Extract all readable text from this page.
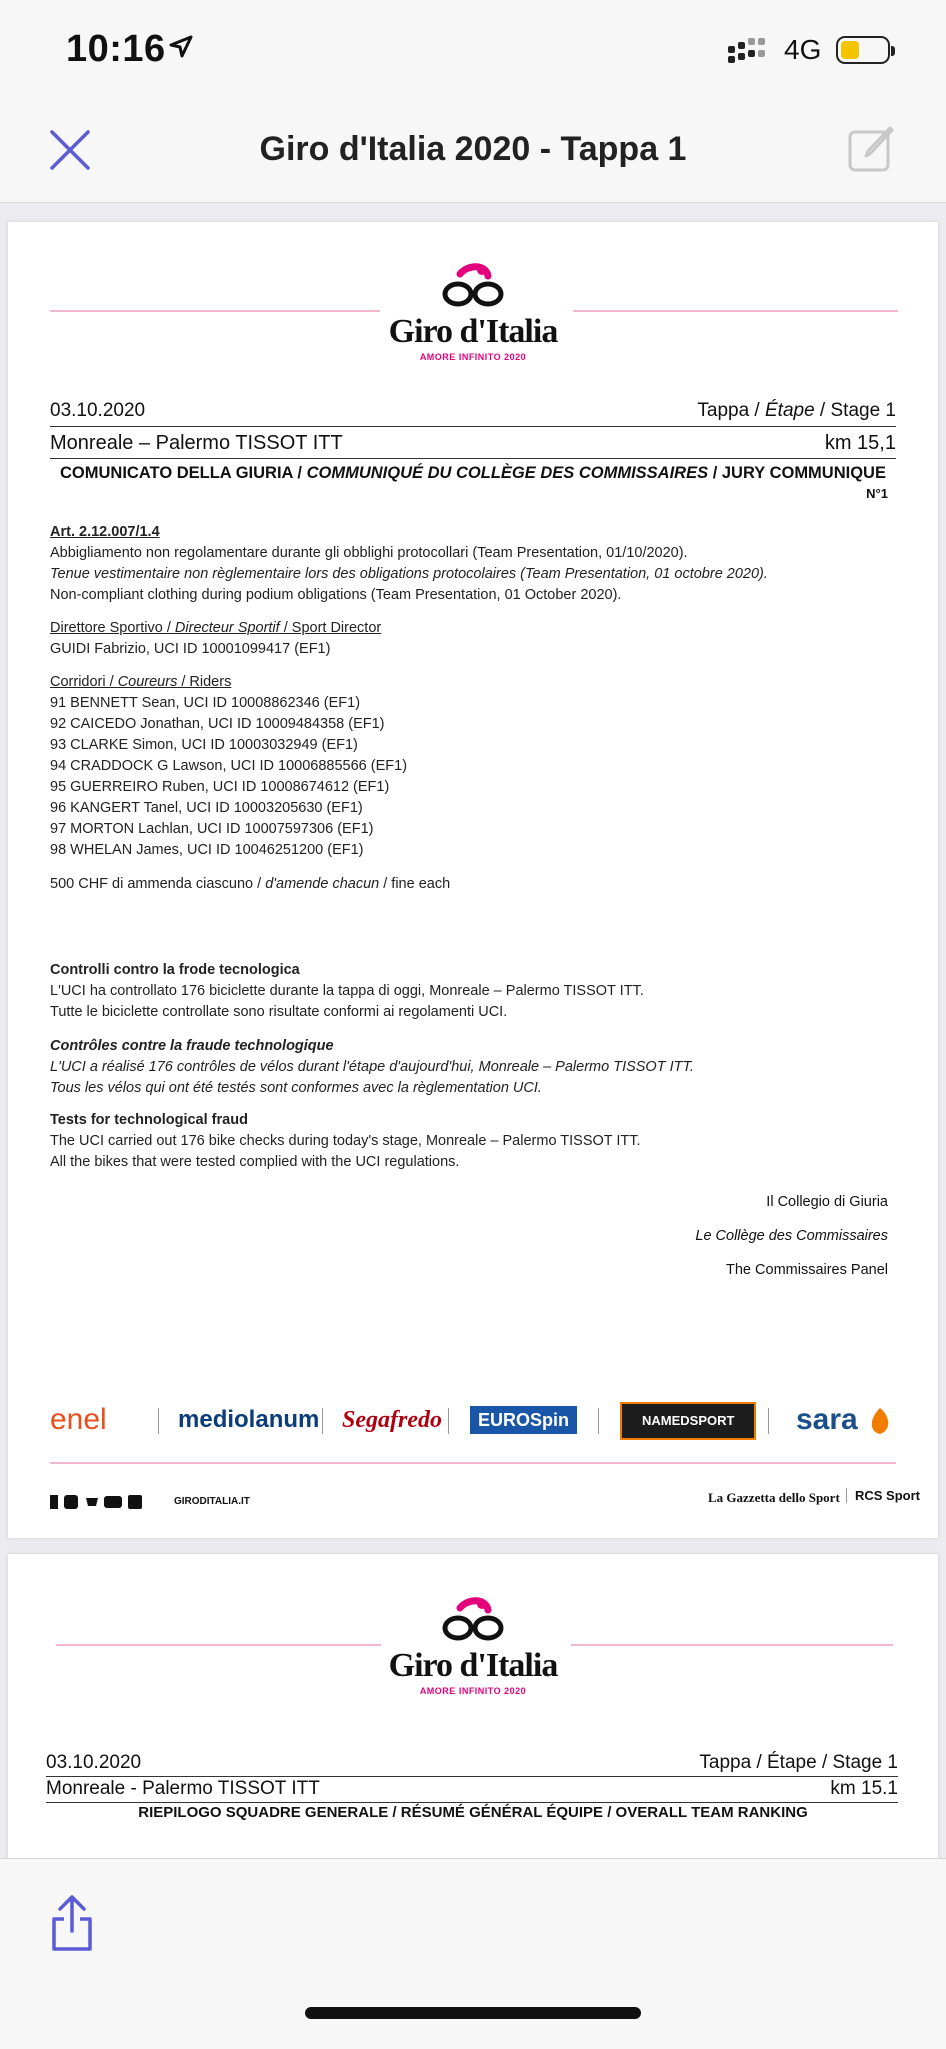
10:16	4G
Giro d'Italia 2020 - Tappa 1
Giro d'Italia
AMORE INFINITO 2020
03.10.2020	Tappa / Étape / Stage 1
Monreale – Palermo TISSOT ITT	km 15,1
COMUNICATO DELLA GIURIA / COMMUNIQUÉ DU COLLÈGE DES COMMISSAIRES / JURY COMMUNIQUE
N°1
Art. 2.12.007/1.4
Abbigliamento non regolamentare durante gli obblighi protocollari (Team Presentation, 01/10/2020).
Tenue vestimentaire non règlementaire lors des obligations protocolaires (Team Presentation, 01 octobre 2020).
Non-compliant clothing during podium obligations (Team Presentation, 01 October 2020).
Direttore Sportivo / Directeur Sportif / Sport Director
GUIDI Fabrizio, UCI ID 10001099417 (EF1)
Corridori / Coureurs / Riders
91 BENNETT Sean, UCI ID 10008862346 (EF1)
92 CAICEDO Jonathan, UCI ID 10009484358 (EF1)
93 CLARKE Simon, UCI ID 10003032949 (EF1)
94 CRADDOCK G Lawson, UCI ID 10006885566 (EF1)
95 GUERREIRO Ruben, UCI ID 10008674612 (EF1)
96 KANGERT Tanel, UCI ID 10003205630 (EF1)
97 MORTON Lachlan, UCI ID 10007597306 (EF1)
98 WHELAN James, UCI ID 10046251200 (EF1)
500 CHF di ammenda ciascuno / d'amende chacun / fine each
Controlli contro la frode tecnologica
L'UCI ha controllato 176 biciclette durante la tappa di oggi, Monreale – Palermo TISSOT ITT.
Tutte le biciclette controllate sono risultate conformi ai regolamenti UCI.
Contrôles contre la fraude technologique
L'UCI a réalisé 176 contrôles de vélos durant l'étape d'aujourd'hui, Monreale – Palermo TISSOT ITT.
Tous les vélos qui ont été testés sont conformes avec la règlementation UCI.
Tests for technological fraud
The UCI carried out 176 bike checks during today's stage, Monreale – Palermo TISSOT ITT.
All the bikes that were tested complied with the UCI regulations.
Il Collegio di Giuria
Le Collège des Commissaires
The Commissaires Panel
enel	mediolanum Segafredo	EUROSpin	NAMEDSPORT	sara
GIRODITALIA.IT	La Gazzetta dello Sport	RCS Sport
Giro d'Italia
AMORE INFINITO 2020
03.10.2020	Tappa / Étape / Stage 1
Monreale - Palermo TISSOT ITT	km 15.1
RIEPILOGO SQUADRE GENERALE / RÉSUMÉ GÉNÉRAL ÉQUIPE / OVERALL TEAM RANKING
